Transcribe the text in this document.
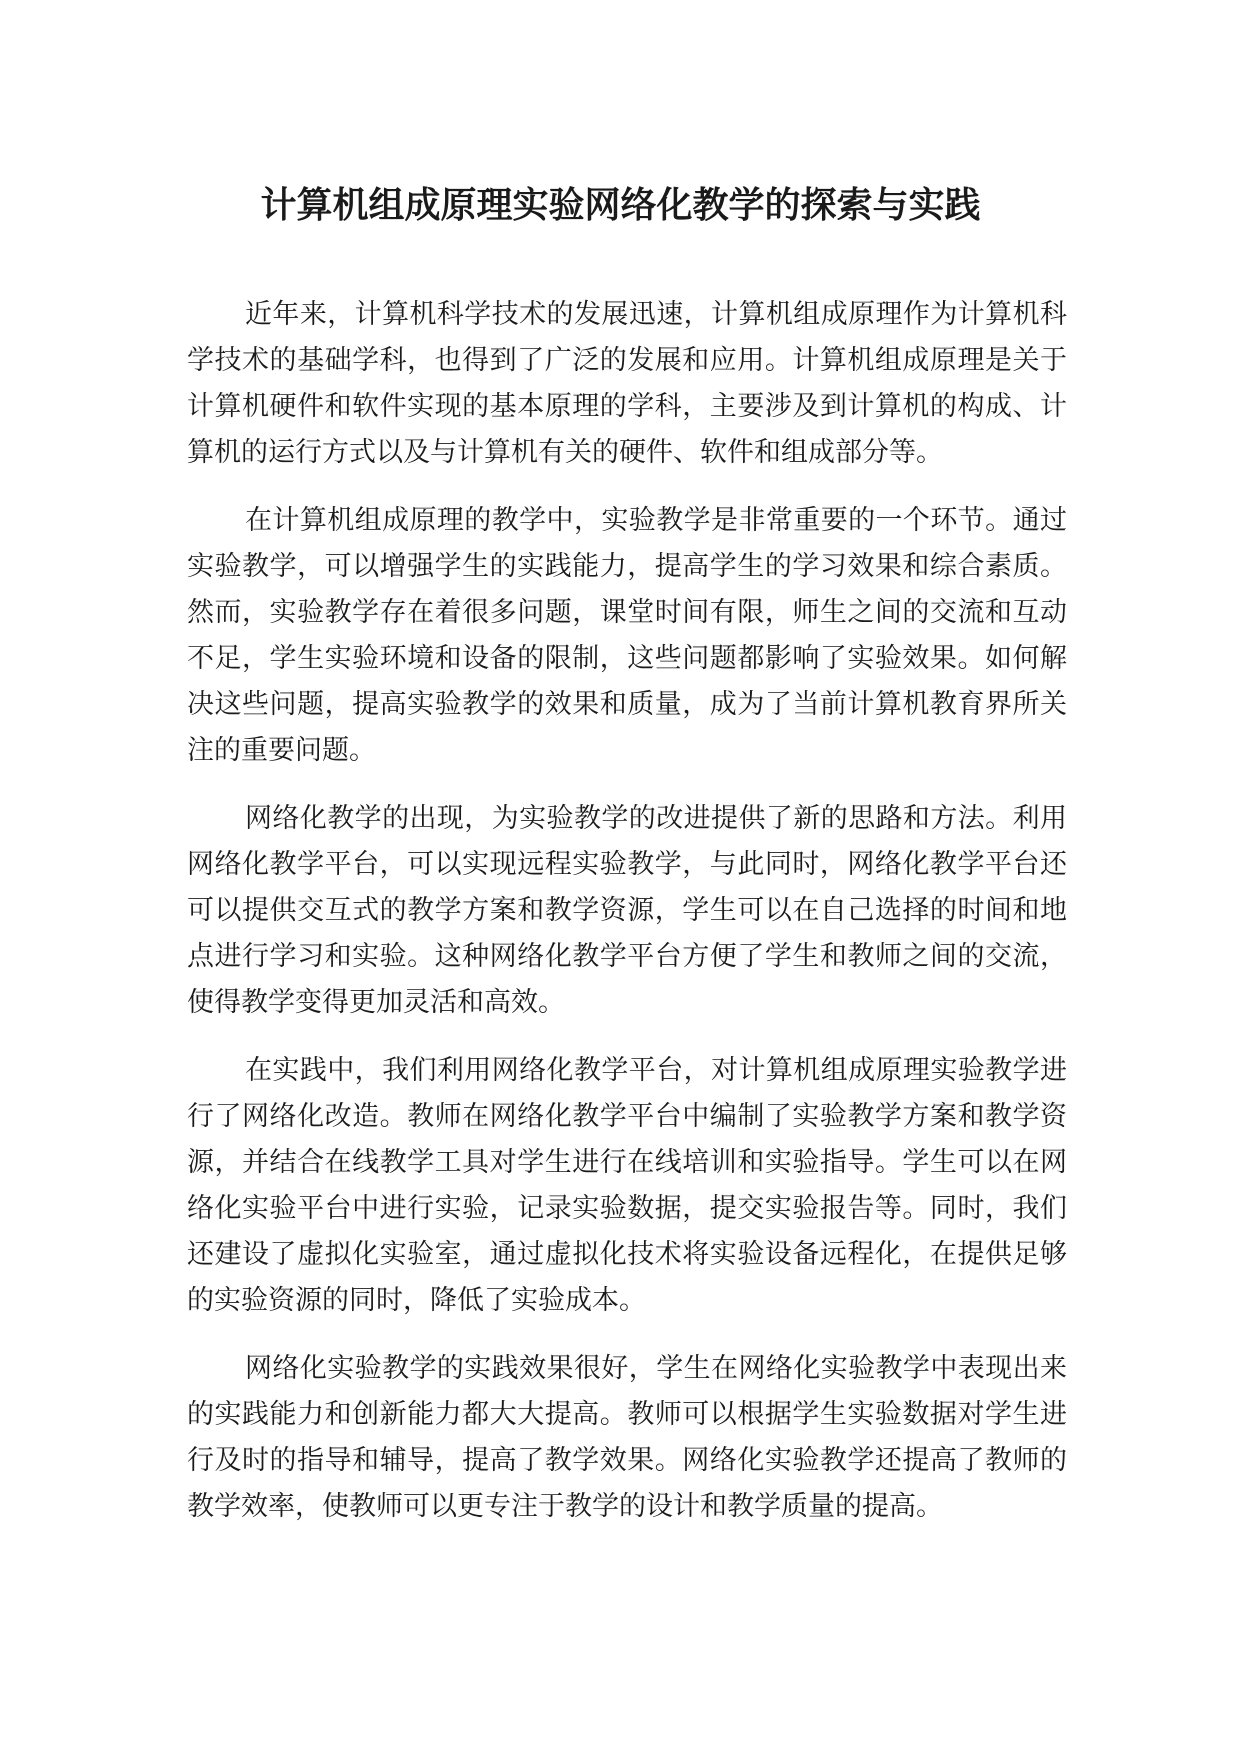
计算机组成原理实验网络化教学的探索与实践

近年来，计算机科学技术的发展迅速，计算机组成原理作为计算机科学技术的基础学科，也得到了广泛的发展和应用。计算机组成原理是关于计算机硬件和软件实现的基本原理的学科，主要涉及到计算机的构成、计算机的运行方式以及与计算机有关的硬件、软件和组成部分等。

在计算机组成原理的教学中，实验教学是非常重要的一个环节。通过实验教学，可以增强学生的实践能力，提高学生的学习效果和综合素质。然而，实验教学存在着很多问题，课堂时间有限，师生之间的交流和互动不足，学生实验环境和设备的限制，这些问题都影响了实验效果。如何解决这些问题，提高实验教学的效果和质量，成为了当前计算机教育界所关注的重要问题。

网络化教学的出现，为实验教学的改进提供了新的思路和方法。利用网络化教学平台，可以实现远程实验教学，与此同时，网络化教学平台还可以提供交互式的教学方案和教学资源，学生可以在自己选择的时间和地点进行学习和实验。这种网络化教学平台方便了学生和教师之间的交流，使得教学变得更加灵活和高效。

在实践中，我们利用网络化教学平台，对计算机组成原理实验教学进行了网络化改造。教师在网络化教学平台中编制了实验教学方案和教学资源，并结合在线教学工具对学生进行在线培训和实验指导。学生可以在网络化实验平台中进行实验，记录实验数据，提交实验报告等。同时，我们还建设了虚拟化实验室，通过虚拟化技术将实验设备远程化，在提供足够的实验资源的同时，降低了实验成本。

网络化实验教学的实践效果很好，学生在网络化实验教学中表现出来的实践能力和创新能力都大大提高。教师可以根据学生实验数据对学生进行及时的指导和辅导，提高了教学效果。网络化实验教学还提高了教师的教学效率，使教师可以更专注于教学的设计和教学质量的提高。
